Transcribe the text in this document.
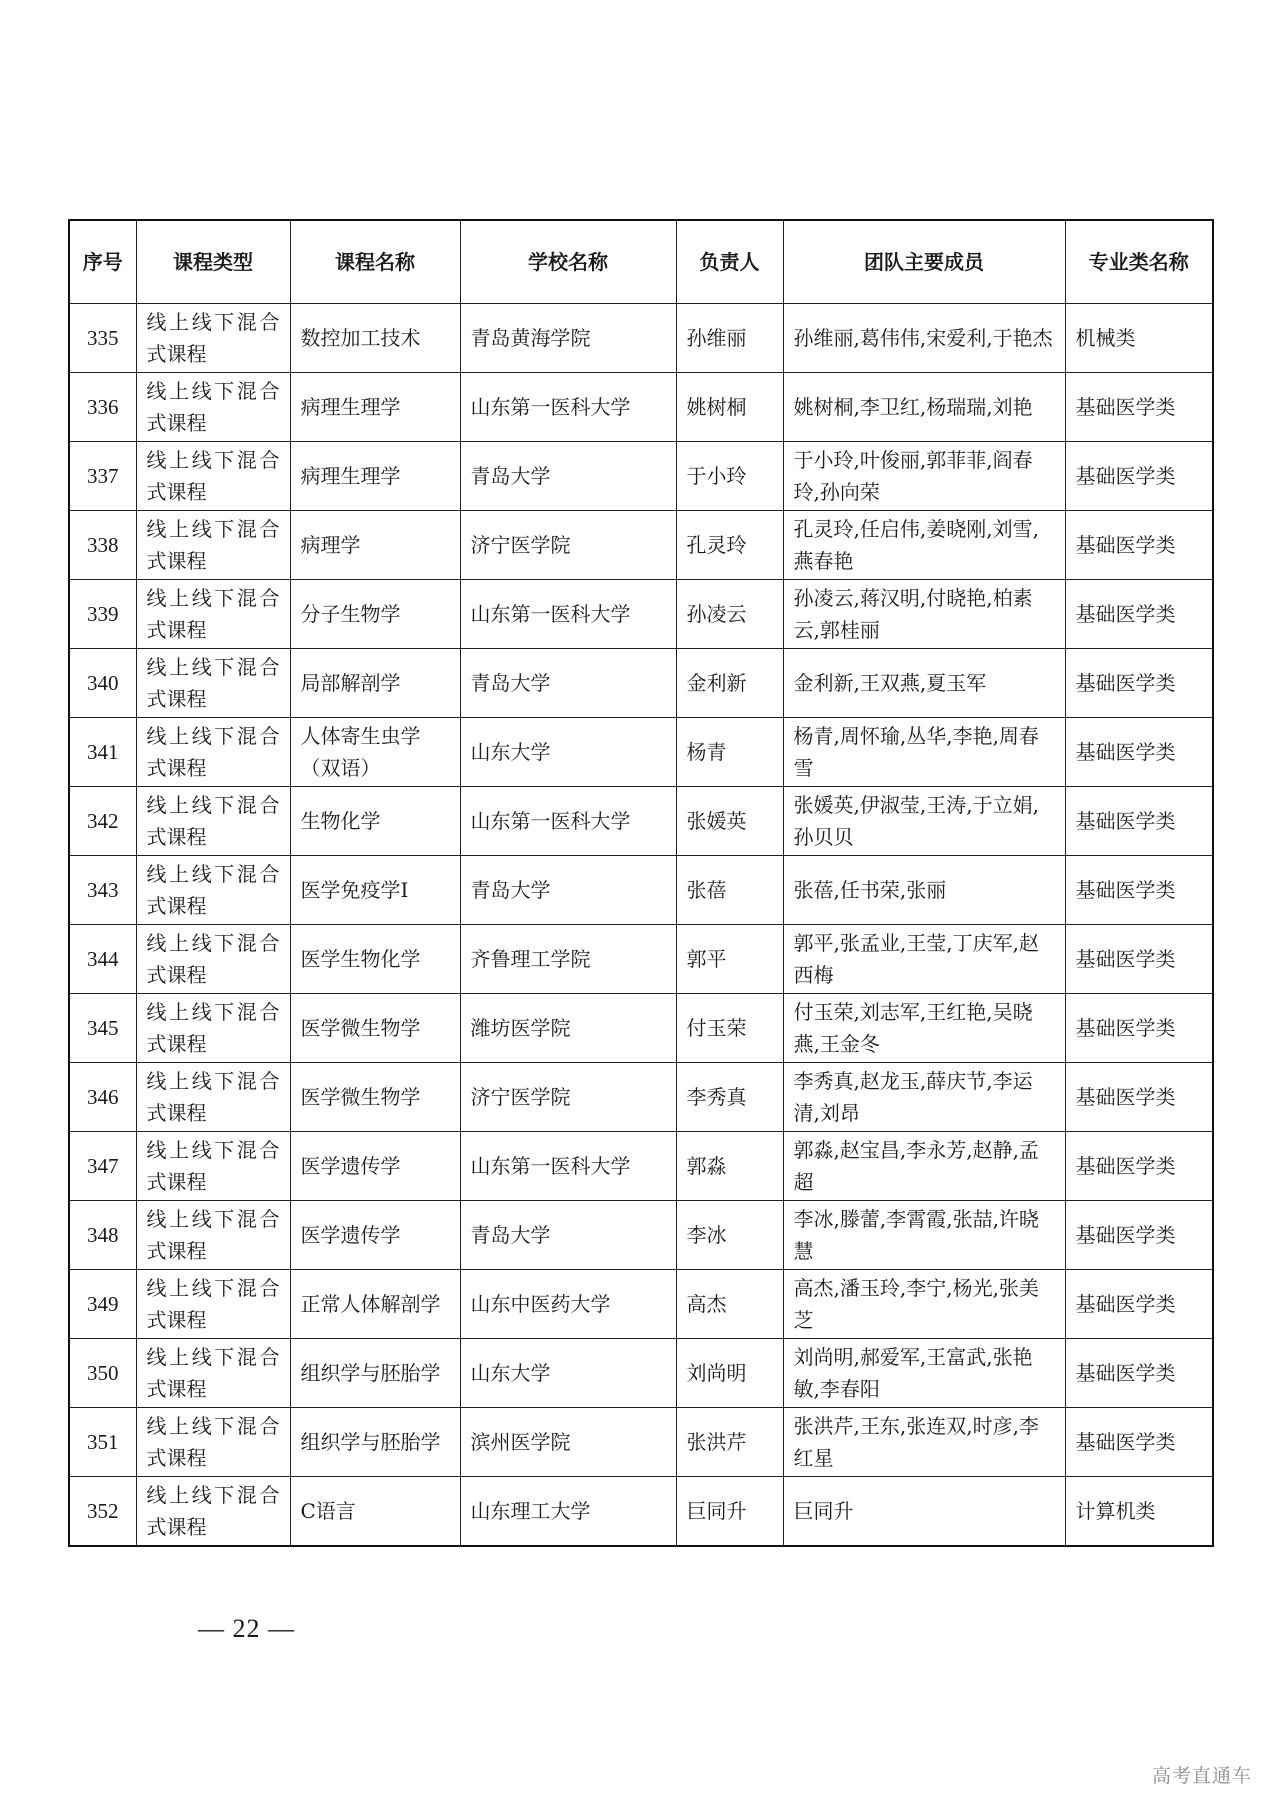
序号	课程类型	课程名称	学校名称	负责人	团队主要成员	专业类名称
335	线上线下混合式课程	数控加工技术	青岛黄海学院	孙维丽	孙维丽,葛伟伟,宋爱利,于艳杰	机械类
336	线上线下混合式课程	病理生理学	山东第一医科大学	姚树桐	姚树桐,李卫红,杨瑞瑞,刘艳	基础医学类
337	线上线下混合式课程	病理生理学	青岛大学	于小玲	于小玲,叶俊丽,郭菲菲,阎春玲,孙向荣	基础医学类
338	线上线下混合式课程	病理学	济宁医学院	孔灵玲	孔灵玲,任启伟,姜晓刚,刘雪,燕春艳	基础医学类
339	线上线下混合式课程	分子生物学	山东第一医科大学	孙凌云	孙凌云,蒋汉明,付晓艳,柏素云,郭桂丽	基础医学类
340	线上线下混合式课程	局部解剖学	青岛大学	金利新	金利新,王双燕,夏玉军	基础医学类
341	线上线下混合式课程	人体寄生虫学（双语）	山东大学	杨青	杨青,周怀瑜,丛华,李艳,周春雪	基础医学类
342	线上线下混合式课程	生物化学	山东第一医科大学	张媛英	张媛英,伊淑莹,王涛,于立娟,孙贝贝	基础医学类
343	线上线下混合式课程	医学免疫学Ⅰ	青岛大学	张蓓	张蓓,任书荣,张丽	基础医学类
344	线上线下混合式课程	医学生物化学	齐鲁理工学院	郭平	郭平,张孟业,王莹,丁庆军,赵西梅	基础医学类
345	线上线下混合式课程	医学微生物学	潍坊医学院	付玉荣	付玉荣,刘志军,王红艳,吴晓燕,王金冬	基础医学类
346	线上线下混合式课程	医学微生物学	济宁医学院	李秀真	李秀真,赵龙玉,薛庆节,李运清,刘昂	基础医学类
347	线上线下混合式课程	医学遗传学	山东第一医科大学	郭淼	郭淼,赵宝昌,李永芳,赵静,孟超	基础医学类
348	线上线下混合式课程	医学遗传学	青岛大学	李冰	李冰,滕蕾,李霄霞,张喆,许晓慧	基础医学类
349	线上线下混合式课程	正常人体解剖学	山东中医药大学	高杰	高杰,潘玉玲,李宁,杨光,张美芝	基础医学类
350	线上线下混合式课程	组织学与胚胎学	山东大学	刘尚明	刘尚明,郝爱军,王富武,张艳敏,李春阳	基础医学类
351	线上线下混合式课程	组织学与胚胎学	滨州医学院	张洪芹	张洪芹,王东,张连双,时彦,李红星	基础医学类
352	线上线下混合式课程	C语言	山东理工大学	巨同升	巨同升	计算机类
— 22 —
高考直通车
